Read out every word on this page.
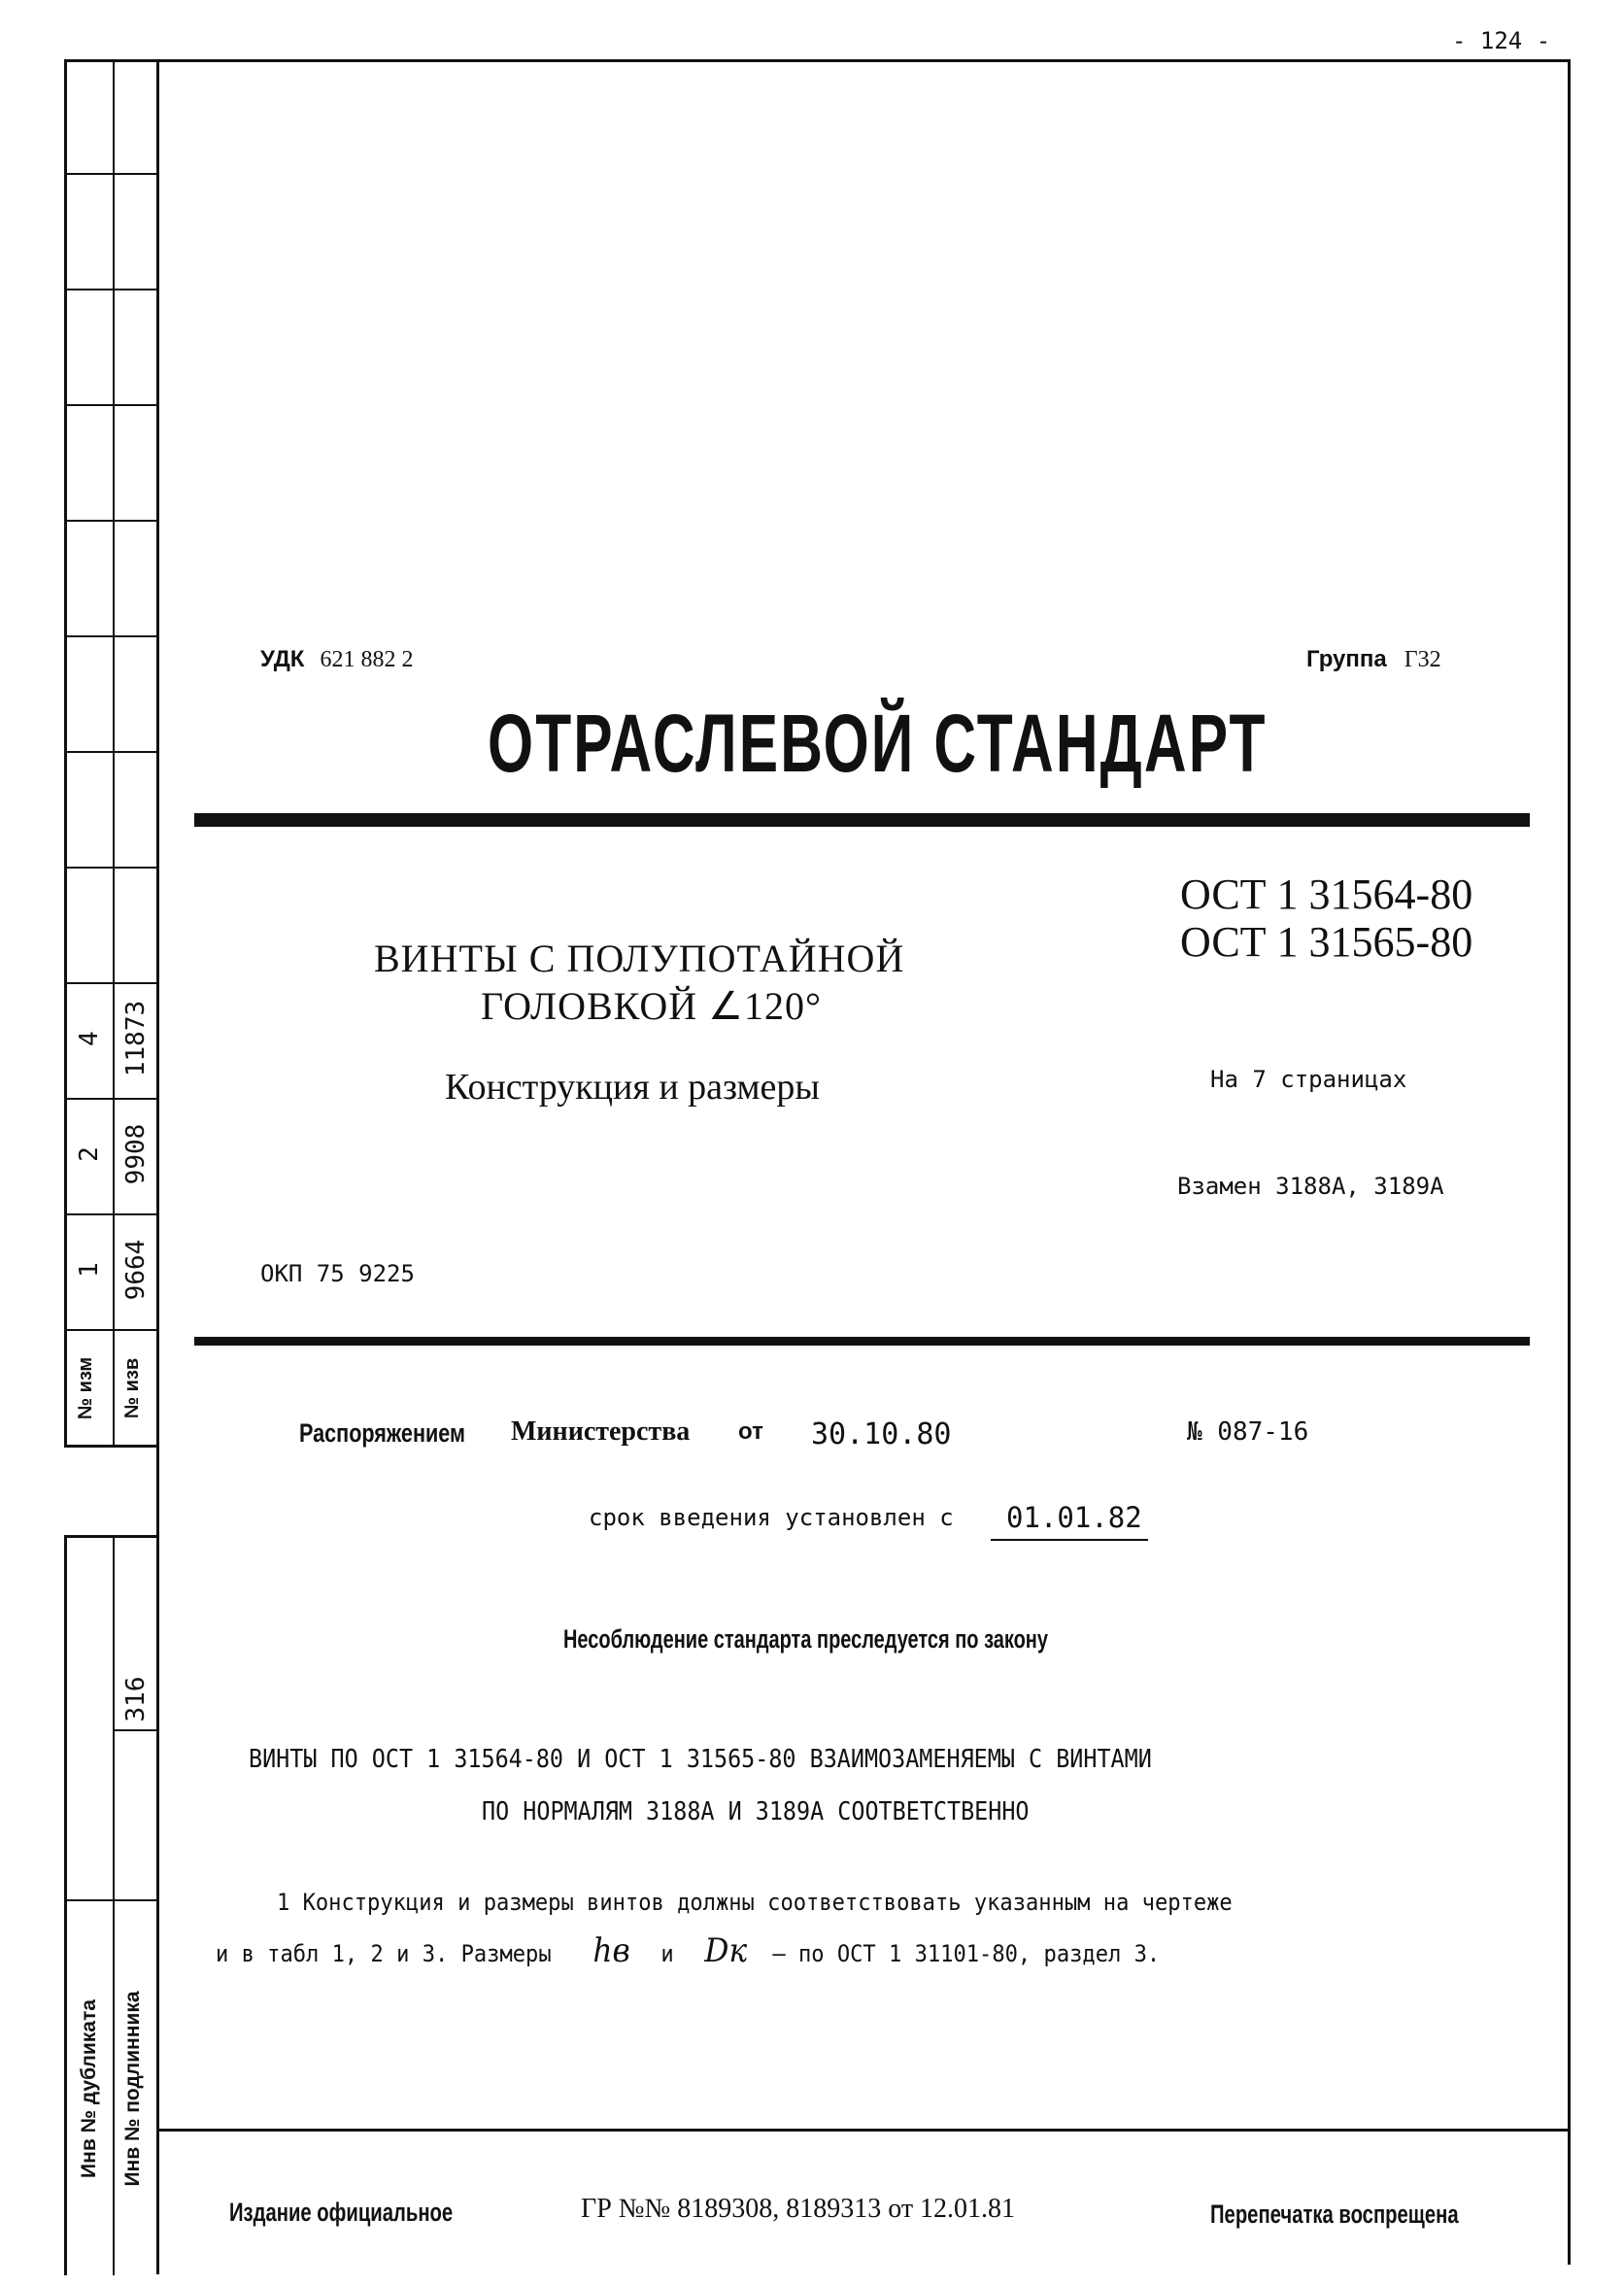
- 124 -
4 11873
2 9908
1 9664
№ изм	№ изв
316
Инв № дубликата	Инв № подлинника
УДК 621 882 2	Группа Г32
ОТРАСЛЕВОЙ СТАНДАРТ
ОСТ 1 31564-80
ОСТ 1 31565-80
ВИНТЫ С ПОЛУПОТАЙНОЙ
ГОЛОВКОЙ ∠120°
Конструкция и размеры	На 7 страницах
Взамен 3188А, 3189А
ОКП 75 9225
Распоряжением Министерства от 30.10.80	№ 087-16
срок введения установлен с 01.01.82
Несоблюдение стандарта преследуется по закону
ВИНТЫ ПО ОСТ 1 31564-80 И ОСТ 1 31565-80 ВЗАИМОЗАМЕНЯЕМЫ С ВИНТАМИ
ПО НОРМАЛЯМ 3188А И 3189А СООТВЕТСТВЕННО
1 Конструкция и размеры винтов должны соответствовать указанным на чертеже
и в табл 1, 2 и 3. Размеры hв и Dк – по ОСТ 1 31101-80, раздел 3.
Издание официальное	ГР №№ 8189308, 8189313 от 12.01.81	Перепечатка воспрещена
